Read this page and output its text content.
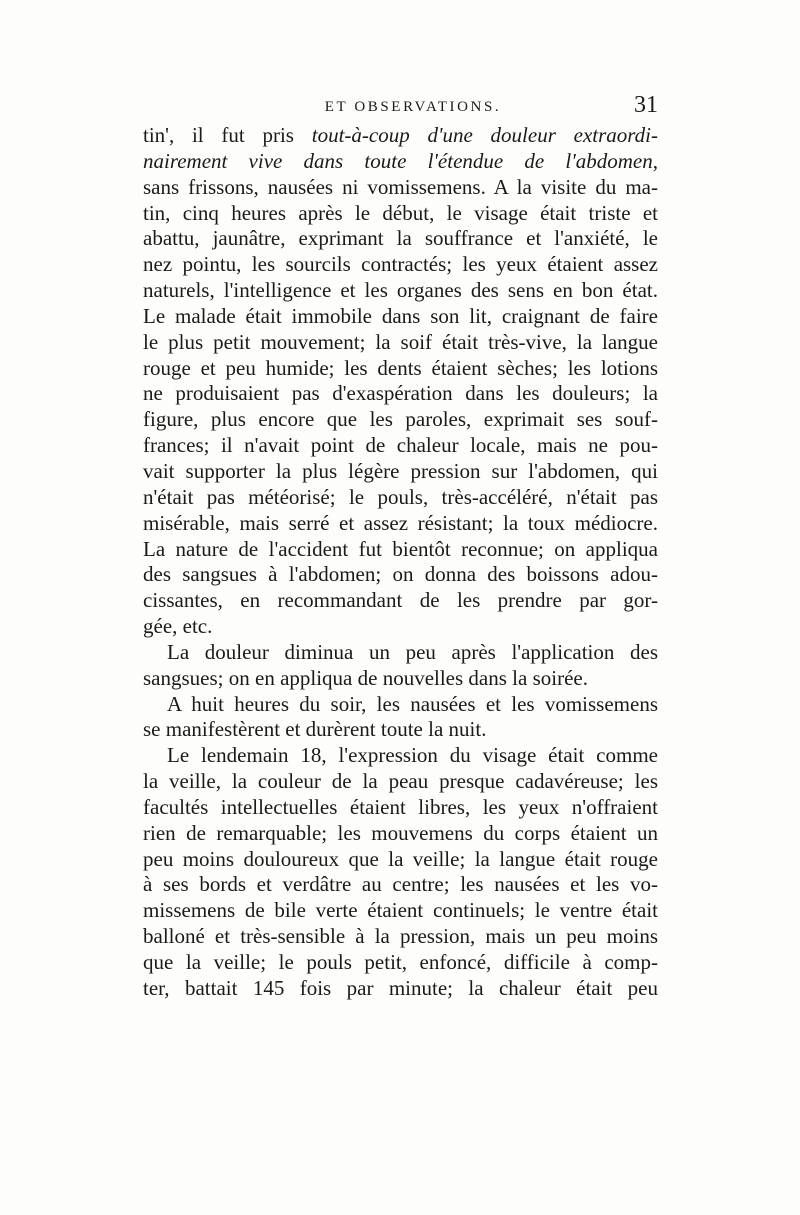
ET OBSERVATIONS.	31
tin', il fut pris tout-à-coup d'une douleur extraordi-
nairement vive dans toute l'étendue de l'abdomen,
sans frissons, nausées ni vomissemens. A la visite du ma-
tin, cinq heures après le début, le visage était triste et
abattu, jaunâtre, exprimant la souffrance et l'anxiété, le
nez pointu, les sourcils contractés; les yeux étaient assez
naturels, l'intelligence et les organes des sens en bon état.
Le malade était immobile dans son lit, craignant de faire
le plus petit mouvement; la soif était très-vive, la langue
rouge et peu humide; les dents étaient sèches; les lotions
ne produisaient pas d'exaspération dans les douleurs; la
figure, plus encore que les paroles, exprimait ses souf-
frances; il n'avait point de chaleur locale, mais ne pou-
vait supporter la plus légère pression sur l'abdomen, qui
n'était pas météorisé; le pouls, très-accéléré, n'était pas
misérable, mais serré et assez résistant; la toux médiocre.
La nature de l'accident fut bientôt reconnue; on appliqua
des sangsues à l'abdomen; on donna des boissons adou-
cissantes, en recommandant de les prendre par gor-
gée, etc.
La douleur diminua un peu après l'application des
sangsues; on en appliqua de nouvelles dans la soirée.
A huit heures du soir, les nausées et les vomissemens
se manifestèrent et durèrent toute la nuit.
Le lendemain 18, l'expression du visage était comme
la veille, la couleur de la peau presque cadavéreuse; les
facultés intellectuelles étaient libres, les yeux n'offraient
rien de remarquable; les mouvemens du corps étaient un
peu moins douloureux que la veille; la langue était rouge
à ses bords et verdâtre au centre; les nausées et les vo-
missemens de bile verte étaient continuels; le ventre était
balloné et très-sensible à la pression, mais un peu moins
que la veille; le pouls petit, enfoncé, difficile à comp-
ter, battait 145 fois par minute; la chaleur était peu
